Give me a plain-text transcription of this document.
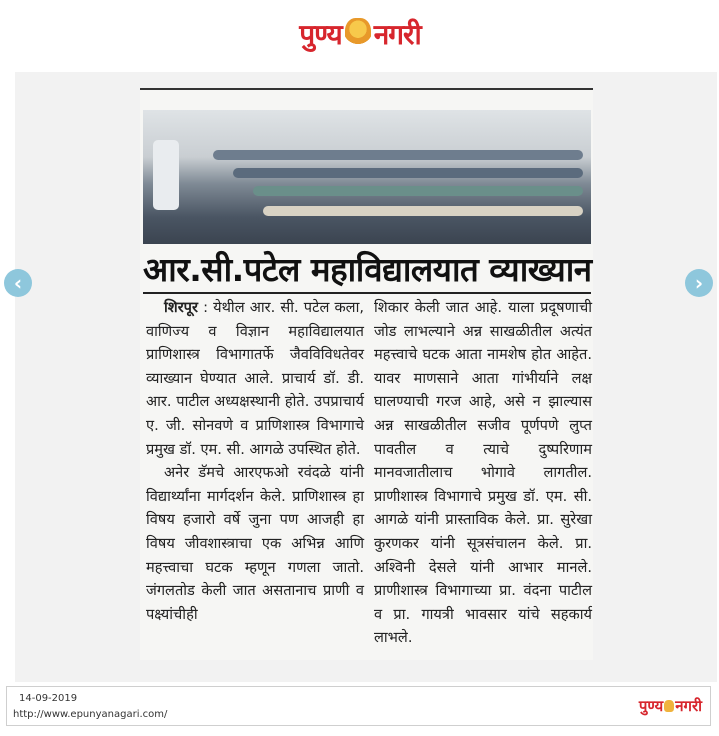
पुण्य नगरी
आर.सी.पटेल महाविद्यालयात व्याख्यान

शिरपूर : येथील आर. सी. पटेल कला, वाणिज्य व विज्ञान महाविद्यालयात प्राणिशास्त्र विभागातर्फे जैवविविधतेवर व्याख्यान घेण्यात आले. प्राचार्य डॉ. डी. आर. पाटील अध्यक्षस्थानी होते. उपप्राचार्य ए. जी. सोनवणे व प्राणिशास्त्र विभागाचे प्रमुख डॉ. एम. सी. आगळे उपस्थित होते.

अनेर डॅमचे आरएफओ रवंदळे यांनी विद्यार्थ्यांना मार्गदर्शन केले. प्राणिशास्त्र हा विषय हजारो वर्षे जुना पण आजही हा विषय जीवशास्त्राचा एक अभिन्न आणि महत्त्वाचा घटक म्हणून गणला जातो. जंगलतोड केली जात असतानाच प्राणी व पक्ष्यांचीही

शिकार केली जात आहे. याला प्रदूषणाची जोड लाभल्याने अन्न साखळीतील अत्यंत महत्त्वाचे घटक आता नामशेष होत आहेत. यावर माणसाने आता गांभीर्याने लक्ष घालण्याची गरज आहे, असे न झाल्यास अन्न साखळीतील सजीव पूर्णपणे लुप्त पावतील व त्याचे दुष्परिणाम मानवजातीलाच भोगावे लागतील. प्राणीशास्त्र विभागाचे प्रमुख डॉ. एम. सी. आगळे यांनी प्रास्ताविक केले. प्रा. सुरेखा कुरणकर यांनी सूत्रसंचालन केले. प्रा. अश्विनी देसले यांनी आभार मानले. प्राणीशास्त्र विभागाच्या प्रा. वंदना पाटील व प्रा. गायत्री भावसार यांचे सहकार्य लाभले.

‹	›
14-09-2019
http://www.epunyanagari.com/	पुण्य नगरी
